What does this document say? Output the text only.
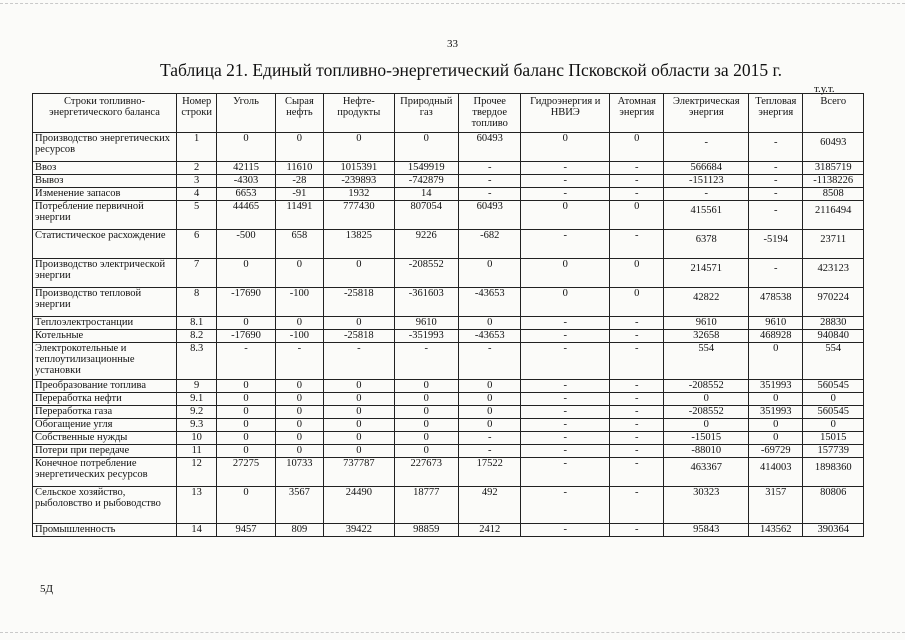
33
Таблица 21. Единый топливно-энергетический баланс Псковской области за 2015 г.
т.у.т.
Строки топливно-энергетического баланса	Номер строки	Уголь	Сырая нефть	Нефте-продукты	Природный газ	Прочее твердое топливо	Гидроэнергия и НВИЭ	Атомная энергия	Электрическая энергия	Тепловая энергия	Всего
Производство энергетических ресурсов	1	0	0	0	0	60493	0	0	-	-	60493
Ввоз	2	42115	11610	1015391	1549919	-	-	-	566684	-	3185719
Вывоз	3	-4303	-28	-239893	-742879	-	-	-	-151123	-	-1138226
Изменение запасов	4	6653	-91	1932	14	-	-	-	-	-	8508
Потребление первичной энергии	5	44465	11491	777430	807054	60493	0	0	415561	-	2116494
Статистическое расхождение	6	-500	658	13825	9226	-682	-	-	6378	-5194	23711
Производство электрической энергии	7	0	0	0	-208552	0	0	0	214571	-	423123
Производство тепловой энергии	8	-17690	-100	-25818	-361603	-43653	0	0	42822	478538	970224
Теплоэлектростанции	8.1	0	0	0	9610	0	-	-	9610	9610	28830
Котельные	8.2	-17690	-100	-25818	-351993	-43653	-	-	32658	468928	940840
Электрокотельные и теплоутилизационные установки	8.3	-	-	-	-	-	-	-	554	0	554
Преобразование топлива	9	0	0	0	0	0	-	-	-208552	351993	560545
Переработка нефти	9.1	0	0	0	0	0	-	-	0	0	0
Переработка газа	9.2	0	0	0	0	0	-	-	-208552	351993	560545
Обогащение угля	9.3	0	0	0	0	0	-	-	0	0	0
Собственные нужды	10	0	0	0	0	-	-	-	-15015	0	15015
Потери при передаче	11	0	0	0	0	-	-	-	-88010	-69729	157739
Конечное потребление энергетических ресурсов	12	27275	10733	737787	227673	17522	-	-	463367	414003	1898360
Сельское хозяйство, рыболовство и рыбоводство	13	0	3567	24490	18777	492	-	-	30323	3157	80806
Промышленность	14	9457	809	39422	98859	2412	-	-	95843	143562	390364
5Д
